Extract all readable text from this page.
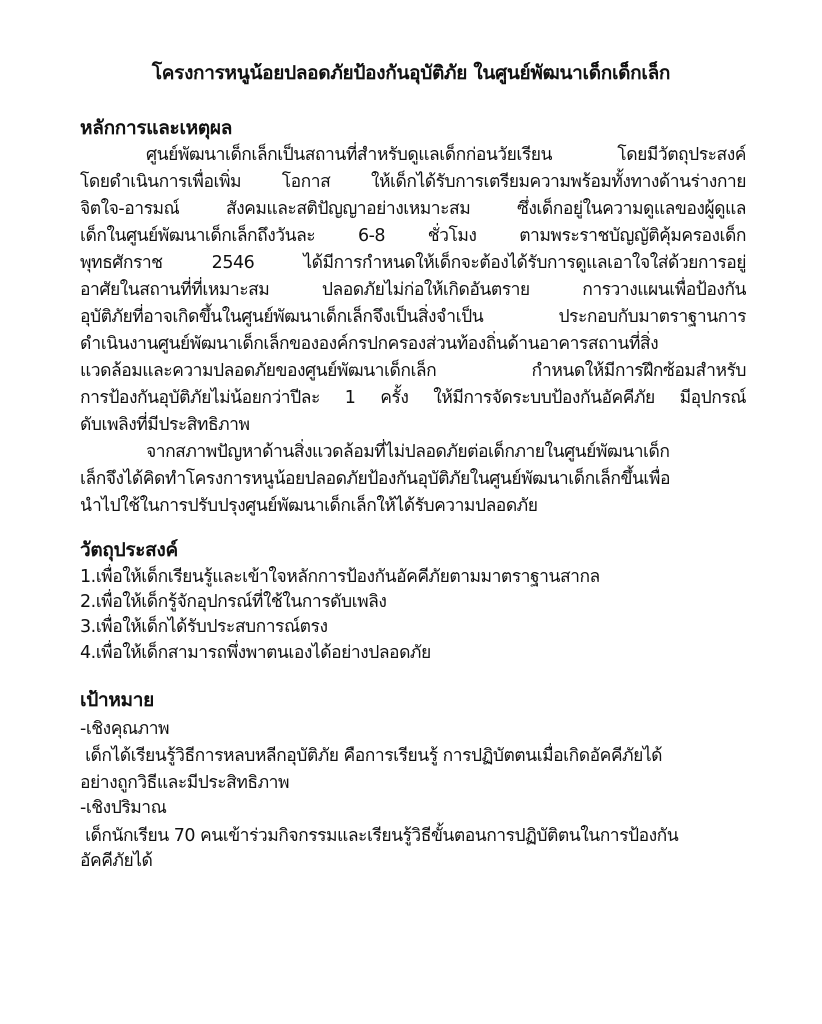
โครงการหนูน้อยปลอดภัยป้องกันอุบัติภัย ในศูนย์พัฒนาเด็กเด็กเล็ก
หลักการและเหตุผล
ศูนย์พัฒนาเด็กเล็กเป็นสถานที่สำหรับดูแลเด็กก่อนวัยเรียน โดยมีวัตถุประสงค์
โดยดำเนินการเพื่อเพิ่ม โอกาส ให้เด็กได้รับการเตรียมความพร้อมทั้งทางด้านร่างกาย
จิตใจ-อารมณ์ สังคมและสติปัญญาอย่างเหมาะสม ซึ่งเด็กอยู่ในความดูแลของผู้ดูแล
เด็กในศูนย์พัฒนาเด็กเล็กถึงวันละ 6-8 ชั่วโมง ตามพระราชบัญญัติคุ้มครองเด็ก
พุทธศักราช 2546 ได้มีการกำหนดให้เด็กจะต้องได้รับการดูแลเอาใจใส่ด้วยการอยู่
อาศัยในสถานที่ที่เหมาะสม ปลอดภัยไม่ก่อให้เกิดอันตราย การวางแผนเพื่อป้องกัน
อุบัติภัยที่อาจเกิดขึ้นในศูนย์พัฒนาเด็กเล็กจึงเป็นสิ่งจำเป็น ประกอบกับมาตราฐานการ
ดำเนินงานศูนย์พัฒนาเด็กเล็กขององค์กรปกครองส่วนท้องถิ่นด้านอาคารสถานที่สิ่ง
แวดล้อมและความปลอดภัยของศูนย์พัฒนาเด็กเล็ก กำหนดให้มีการฝึกซ้อมสำหรับ
การป้องกันอุบัติภัยไม่น้อยกว่าปีละ 1 ครั้ง ให้มีการจัดระบบป้องกันอัคคีภัย มีอุปกรณ์
ดับเพลิงที่มีประสิทธิภาพ
จากสภาพปัญหาด้านสิ่งแวดล้อมที่ไม่ปลอดภัยต่อเด็กภายในศูนย์พัฒนาเด็ก
เล็กจึงได้คิดทำโครงการหนูน้อยปลอดภัยป้องกันอุบัติภัยในศูนย์พัฒนาเด็กเล็กขึ้นเพื่อ
นำไปใช้ในการปรับปรุงศูนย์พัฒนาเด็กเล็กให้ได้รับความปลอดภัย
วัตถุประสงค์
1.เพื่อให้เด็กเรียนรู้และเข้าใจหลักการป้องกันอัคคีภัยตามมาตราฐานสากล
2.เพื่อให้เด็กรู้จักอุปกรณ์ที่ใช้ในการดับเพลิง
3.เพื่อให้เด็กได้รับประสบการณ์ตรง
4.เพื่อให้เด็กสามารถพึ่งพาตนเองได้อย่างปลอดภัย
เป้าหมาย
-เชิงคุณภาพ
เด็กได้เรียนรู้วิธีการหลบหลีกอุบัติภัย คือการเรียนรู้ การปฏิบัตตนเมื่อเกิดอัคคีภัยได้
อย่างถูกวิธีและมีประสิทธิภาพ
-เชิงปริมาณ
เด็กนักเรียน 70 คนเข้าร่วมกิจกรรมและเรียนรู้วิธีขั้นตอนการปฏิบัติตนในการป้องกัน
อัคคีภัยได้
